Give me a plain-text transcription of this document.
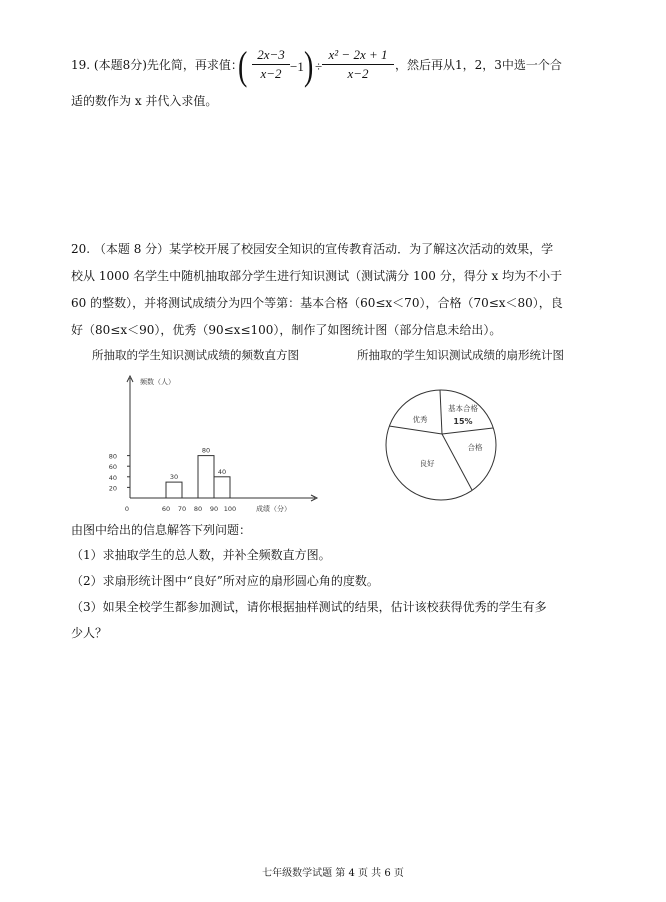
19. (本题8分)先化简，再求值：
( 2x−3
x−2 −1 ) ÷
x² − 2x + 1
x−2
，然后再从1，2，3中选一个合
适的数作为 x 并代入求值。
20. （本题 8 分）某学校开展了校园安全知识的宣传教育活动．为了解这次活动的效果，学
校从 1000 名学生中随机抽取部分学生进行知识测试（测试满分 100 分，得分 x 均为不小于
60 的整数），并将测试成绩分为四个等第：基本合格（60≤x＜70），合格（70≤x＜80），良
好（80≤x＜90），优秀（90≤x≤100），制作了如图统计图（部分信息未给出）。
所抽取的学生知识测试成绩的频数直方图	所抽取的学生知识测试成绩的扇形统计图
20
40
60
80
0	60 70 80 90 100
30
80
40
频数（人）
成绩（分）
基本合格
合格
良好
优秀	15%
由图中给出的信息解答下列问题：
（1）求抽取学生的总人数，并补全频数直方图。
（2）求扇形统计图中“良好”所对应的扇形圆心角的度数。
（3）如果全校学生都参加测试，请你根据抽样测试的结果，估计该校获得优秀的学生有多
少人？
七年级数学试题 第 4 页 共 6 页
